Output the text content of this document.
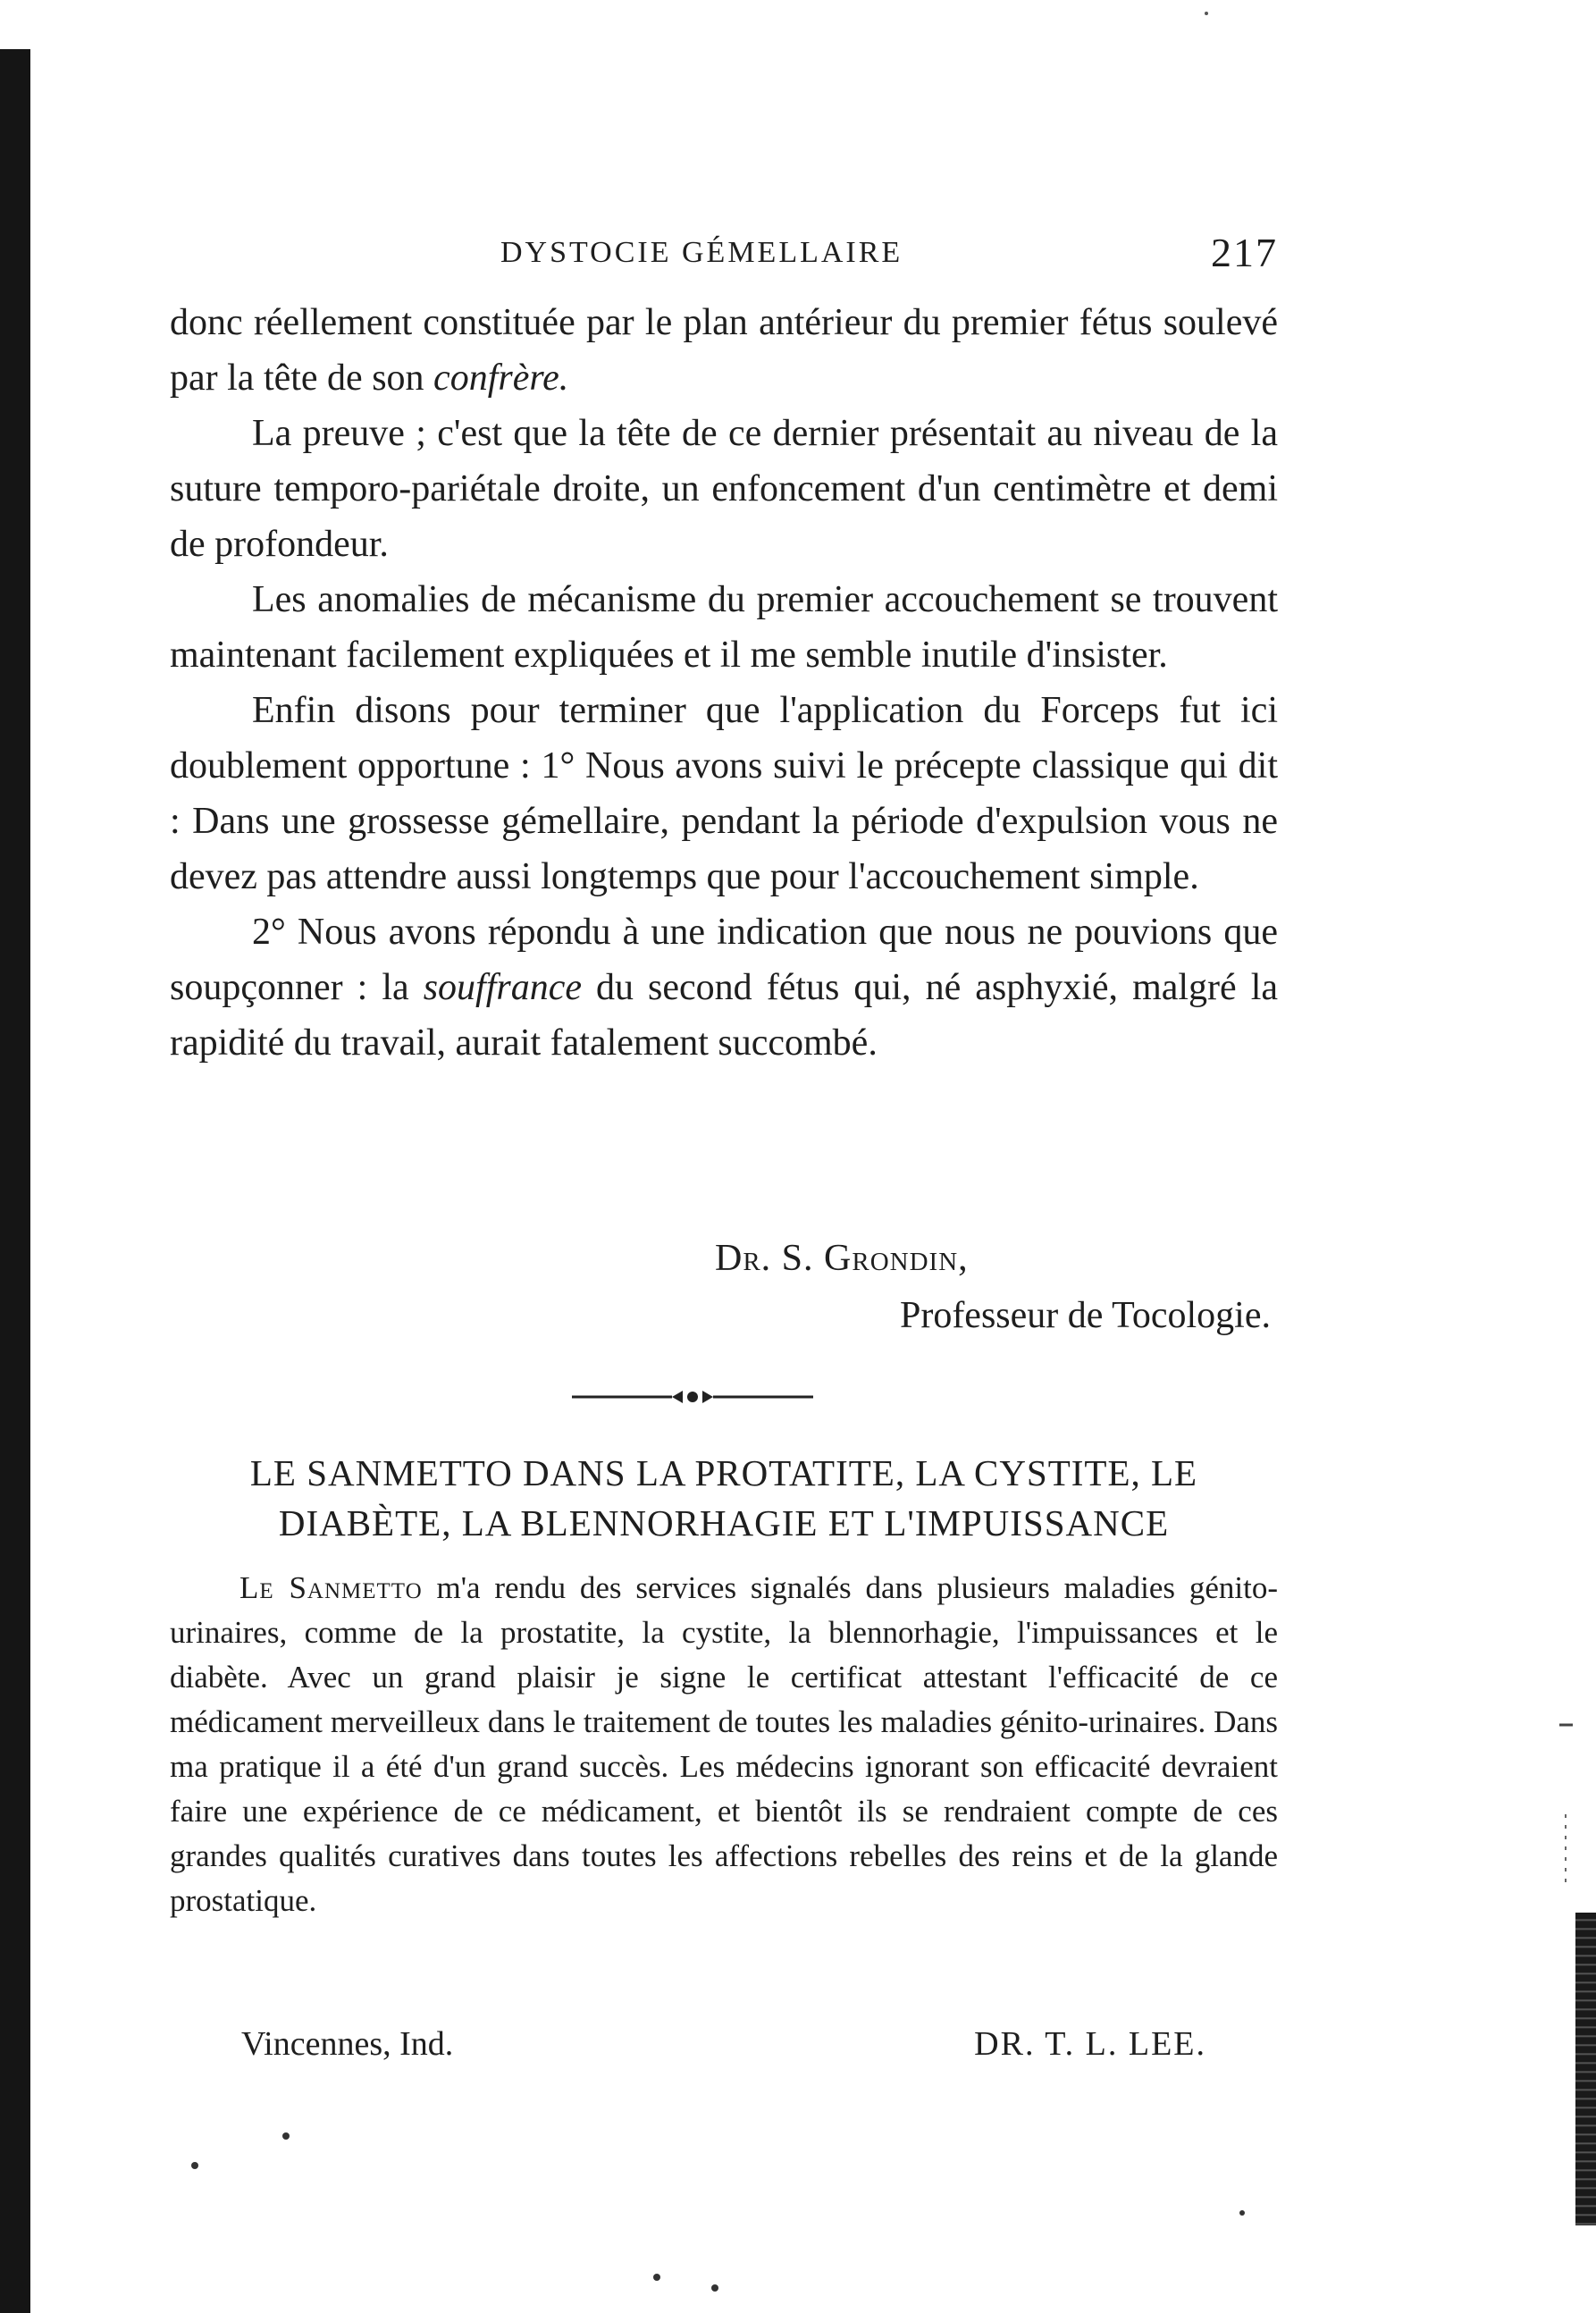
DYSTOCIE GÉMELLAIRE	217

donc réellement constituée par le plan antérieur du premier fétus soulevé par la tête de son confrère.

La preuve ; c'est que la tête de ce dernier présentait au niveau de la suture temporo-pariétale droite, un enfoncement d'un centimètre et demi de profondeur.

Les anomalies de mécanisme du premier accouchement se trouvent maintenant facilement expliquées et il me semble inutile d'insister.

Enfin disons pour terminer que l'application du Forceps fut ici doublement opportune : 1° Nous avons suivi le précepte classique qui dit : Dans une grossesse gémellaire, pendant la période d'expulsion vous ne devez pas attendre aussi longtemps que pour l'accouchement simple.

2° Nous avons répondu à une indication que nous ne pouvions que soupçonner : la souffrance du second fétus qui, né asphyxié, malgré la rapidité du travail, aurait fatalement succombé.

Dr. S. Grondin,
Professeur de Tocologie.
LE SANMETTO DANS LA PROTATITE, LA CYSTITE, LE
DIABÈTE, LA BLENNORHAGIE ET L'IMPUISSANCE

Le Sanmetto m'a rendu des services signalés dans plusieurs maladies génito-urinaires, comme de la prostatite, la cystite, la blennorhagie, l'impuissances et le diabète. Avec un grand plaisir je signe le certificat attestant l'efficacité de ce médicament merveilleux dans le traitement de toutes les maladies génito-urinaires. Dans ma pratique il a été d'un grand succès. Les médecins ignorant son efficacité devraient faire une expérience de ce médicament, et bientôt ils se rendraient compte de ces grandes qualités curatives dans toutes les affections rebelles des reins et de la glande prostatique.

Vincennes, Ind.	DR. T. L. LEE.
